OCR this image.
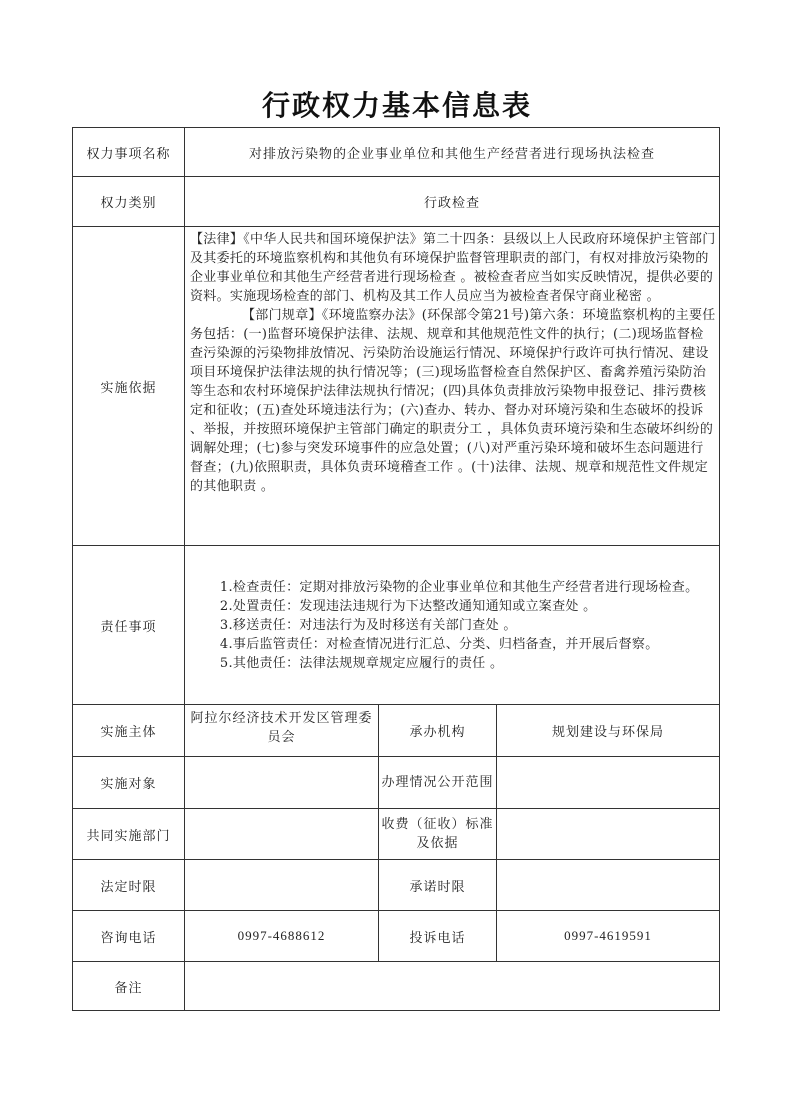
行政权力基本信息表
权力事项名称	对排放污染物的企业事业单位和其他生产经营者进行现场执法检查		
权力类别	行政检查		
实施依据	【法律】《中华人民共和国环境保护法》第二十四条：县级以上人民政府环境保护主管部门及其委托的环境监察机构和其他负有环境保护监督管理职责的部门，有权对排放污染物的企业事业单位和其他生产经营者进行现场检查 。被检查者应当如实反映情况，提供必要的资料。实施现场检查的部门、机构及其工作人员应当为被检查者保守商业秘密 。

【部门规章】《环境监察办法》(环保部令第21号)第六条：环境监察机构的主要任务包括：(一)监督环境保护法律、法规、规章和其他规范性文件的执行；(二)现场监督检查污染源的污染物排放情况、污染防治设施运行情况、环境保护行政许可执行情况、建设项目环境保护法律法规的执行情况等；(三)现场监督检查自然保护区、畜禽养殖污染防治等生态和农村环境保护法律法规执行情况；(四)具体负责排放污染物申报登记、排污费核定和征收；(五)查处环境违法行为；(六)查办、转办、督办对环境污染和生态破坏的投诉 、举报，并按照环境保护主管部门确定的职责分工 ，具体负责环境污染和生态破坏纠纷的调解处理；(七)参与突发环境事件的应急处置；(八)对严重污染环境和破坏生态问题进行督查；(九)依照职责，具体负责环境稽查工作 。(十)法律、法规、规章和规范性文件规定的其他职责 。		

责任事项	1.检查责任：定期对排放污染物的企业事业单位和其他生产经营者进行现场检查。

2.处置责任：发现违法违规行为下达整改通知通知或立案查处 。

3.移送责任：对违法行为及时移送有关部门查处 。

4.事后监管责任：对检查情况进行汇总、分类、归档备查，并开展后督察。

5.其他责任：法律法规规章规定应履行的责任 。		

实施主体	阿拉尔经济技术开发区管理委员会	承办机构	规划建设与环保局
实施对象		办理情况公开范围	
共同实施部门		收费（征收）标准及依据	
法定时限		承诺时限	
咨询电话	0997-4688612	投诉电话	0997-4619591
备注			
